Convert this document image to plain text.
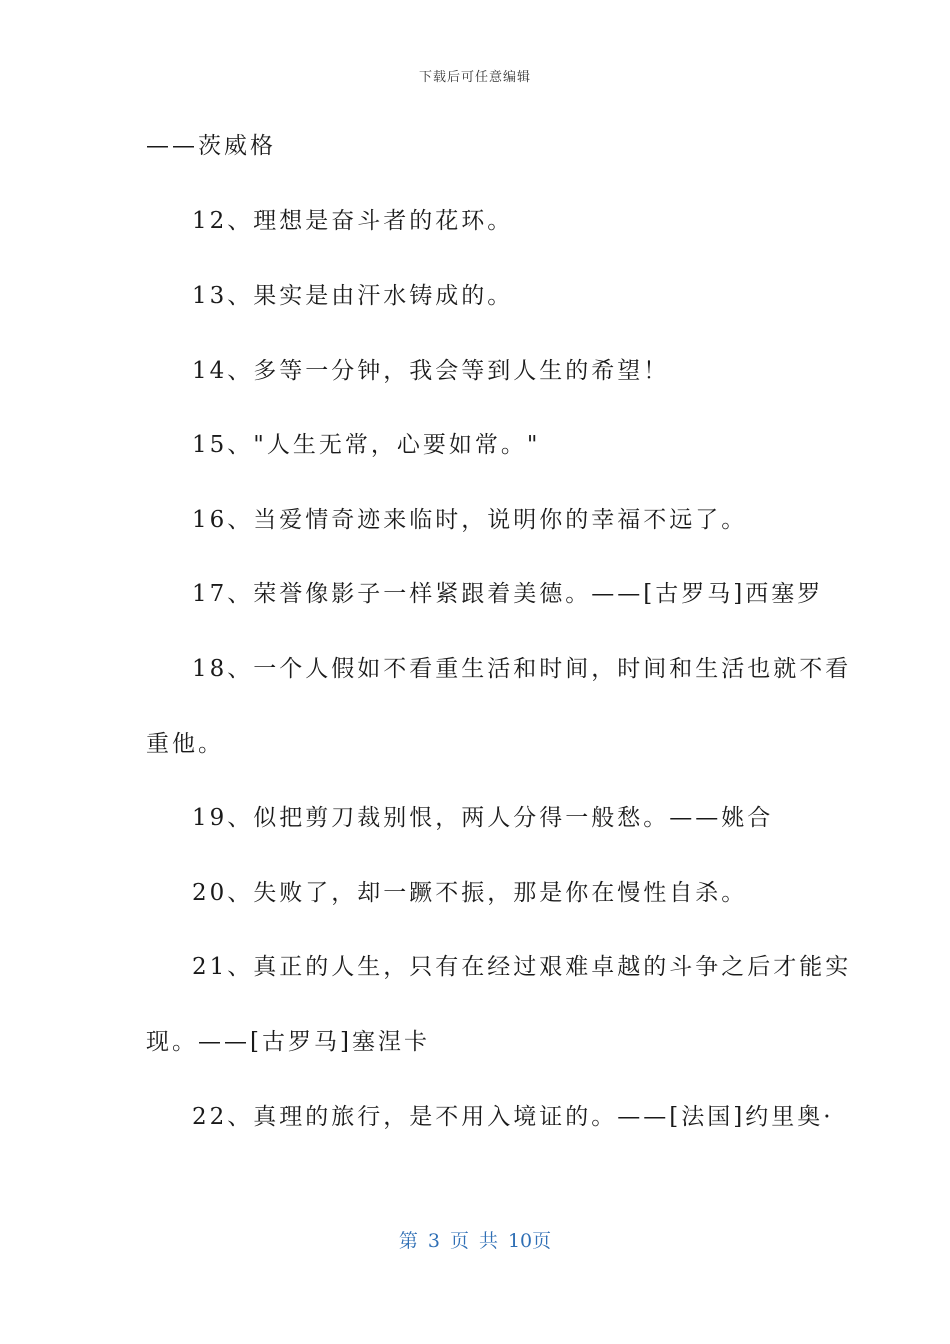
下载后可任意编辑
——茨威格
12、理想是奋斗者的花环。
13、果实是由汗水铸成的。
14、多等一分钟，我会等到人生的希望！
15、"人生无常，心要如常。"
16、当爱情奇迹来临时，说明你的幸福不远了。
17、荣誉像影子一样紧跟着美德。——[古罗马]西塞罗
18、一个人假如不看重生活和时间，时间和生活也就不看
重他。
19、似把剪刀裁别恨，两人分得一般愁。——姚合
20、失败了，却一蹶不振，那是你在慢性自杀。
21、真正的人生，只有在经过艰难卓越的斗争之后才能实
现。——[古罗马]塞涅卡
22、真理的旅行，是不用入境证的。——[法国]约里奥·
第 3 页 共 10页
